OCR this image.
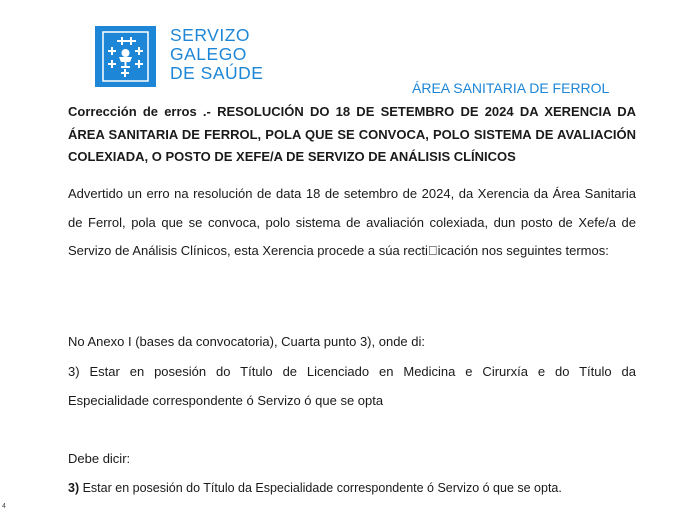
SERVIZO
GALEGO
DE SAÚDE
ÁREA SANITARIA DE FERROL
Corrección de erros .- RESOLUCIÓN DO 18 DE SETEMBRO DE 2024 DA XERENCIA DA ÁREA SANITARIA DE FERROL, POLA QUE SE CONVOCA, POLO SISTEMA DE AVALIACIÓN COLEXIADA, O POSTO DE XEFE/A DE SERVIZO DE ANÁLISIS CLÍNICOS
Advertido un erro na resolución de data 18 de setembro de 2024, da Xerencia da Área Sanitaria de Ferrol, pola que se convoca, polo sistema de avaliación colexiada, dun posto de Xefe/a de Servizo de Análisis Clínicos, esta Xerencia procede a súa recti icación nos seguintes termos:
No Anexo I (bases da convocatoria), Cuarta punto 3), onde di:
3) Estar en posesión do Título de Licenciado en Medicina e Cirurxía e do Título da
Especialidade correspondente ó Servizo ó que se opta
Debe dicir:
3) Estar en posesión do Título da Especialidade correspondente ó Servizo ó que se opta.
4
